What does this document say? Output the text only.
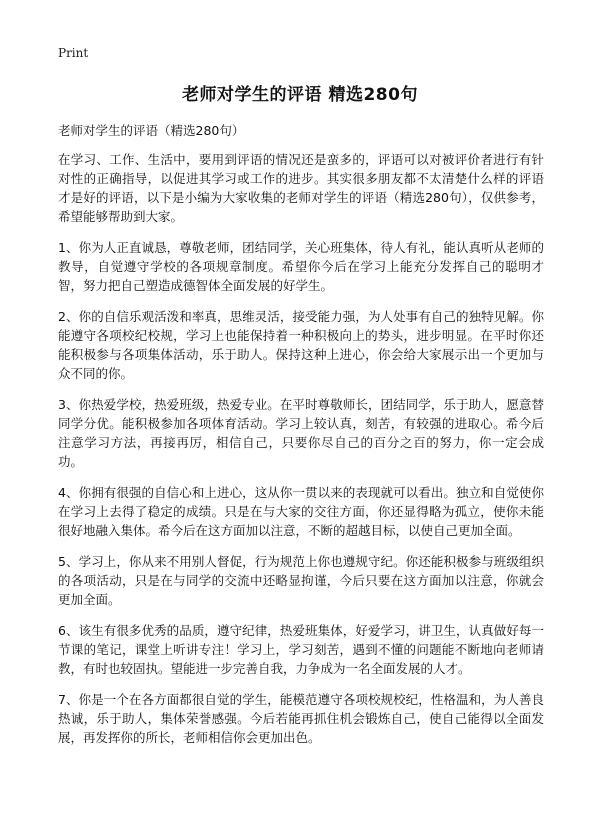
Print
老师对学生的评语 精选280句

老师对学生的评语（精选280句）

在学习、工作、生活中，要用到评语的情况还是蛮多的，评语可以对被评价者进行有针对性的正确指导，以促进其学习或工作的进步。其实很多朋友都不太清楚什么样的评语才是好的评语，以下是小编为大家收集的老师对学生的评语（精选280句），仅供参考，希望能够帮助到大家。

1、你为人正直诚恳，尊敬老师，团结同学，关心班集体，待人有礼，能认真听从老师的教导，自觉遵守学校的各项规章制度。希望你今后在学习上能充分发挥自己的聪明才智，努力把自己塑造成德智体全面发展的好学生。

2、你的自信乐观活泼和率真，思维灵活，接受能力强，为人处事有自己的独特见解。你能遵守各项校纪校规，学习上也能保持着一种积极向上的势头，进步明显。在平时你还能积极参与各项集体活动，乐于助人。保持这种上进心，你会给大家展示出一个更加与众不同的你。

3、你热爱学校，热爱班级，热爱专业。在平时尊敬师长，团结同学，乐于助人，愿意替同学分优。能积极参加各项体育活动。学习上较认真，刻苦，有较强的进取心。希今后注意学习方法，再接再厉，相信自己，只要你尽自己的百分之百的努力，你一定会成功。

4、你拥有很强的自信心和上进心，这从你一贯以来的表现就可以看出。独立和自觉使你在学习上去得了稳定的成绩。只是在与大家的交往方面，你还显得略为孤立，使你未能很好地融入集体。希今后在这方面加以注意，不断的超越目标，以使自己更加全面。

5、学习上，你从来不用别人督促，行为规范上你也遵规守纪。你还能积极参与班级组织的各项活动，只是在与同学的交流中还略显拘谨，今后只要在这方面加以注意，你就会更加全面。

6、该生有很多优秀的品质，遵守纪律，热爱班集体，好爱学习，讲卫生，认真做好每一节课的笔记，课堂上听讲专注！学习上，学习刻苦，遇到不懂的问题能不断地向老师请教，有时也较固执。望能进一步完善自我，力争成为一名全面发展的人才。

7、你是一个在各方面都很自觉的学生，能模范遵守各项校规校纪，性格温和，为人善良热诚，乐于助人，集体荣誉感强。今后若能再抓住机会锻炼自己，使自己能得以全面发展，再发挥你的所长，老师相信你会更加出色。
